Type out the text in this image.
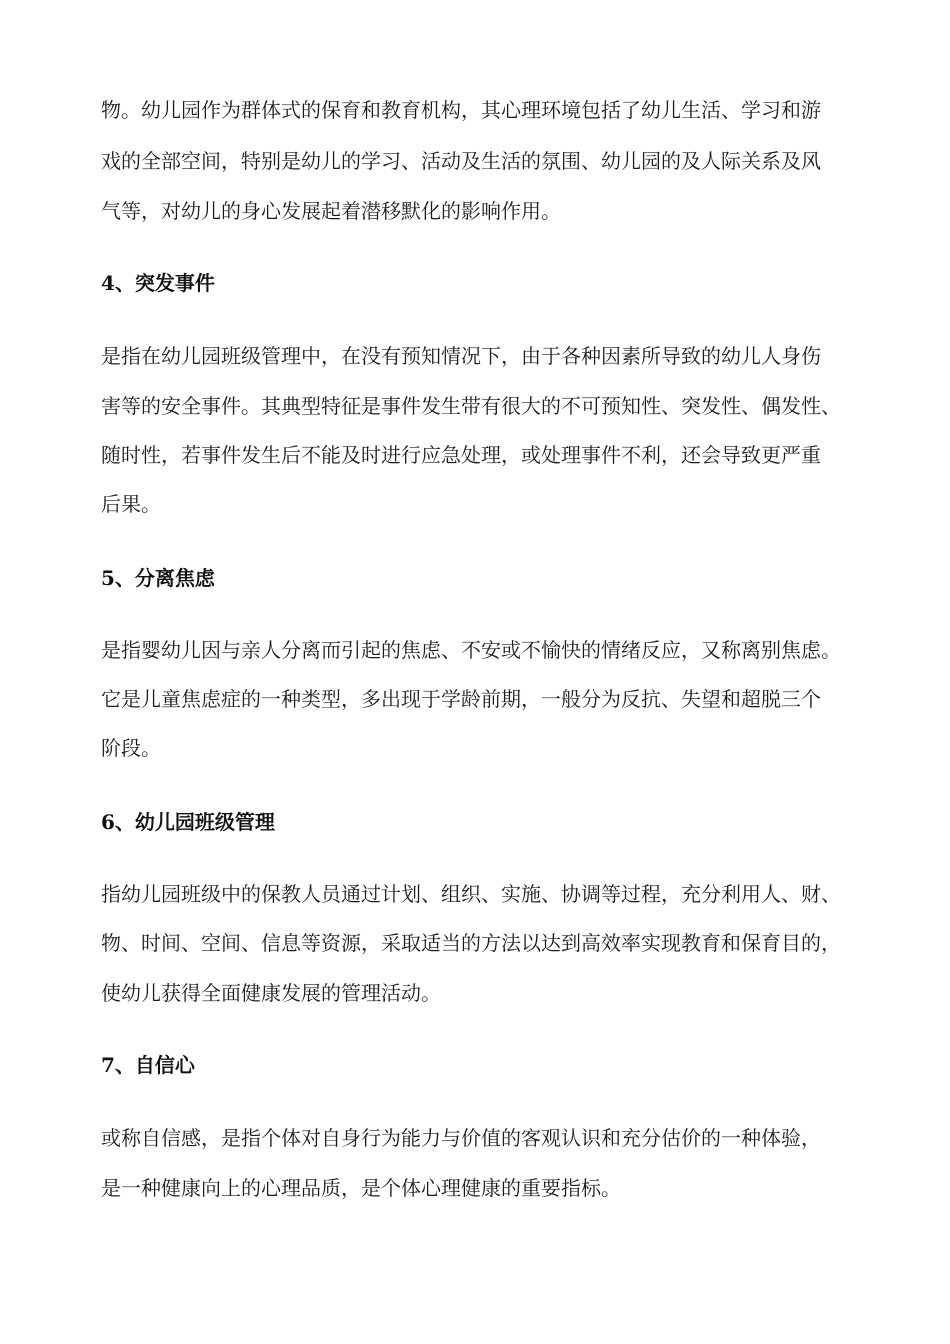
物。幼儿园作为群体式的保育和教育机构，其心理环境包括了幼儿生活、学习和游
戏的全部空间，特别是幼儿的学习、活动及生活的氛围、幼儿园的及人际关系及风
气等，对幼儿的身心发展起着潜移默化的影响作用。
4、突发事件
是指在幼儿园班级管理中，在没有预知情况下，由于各种因素所导致的幼儿人身伤
害等的安全事件。其典型特征是事件发生带有很大的不可预知性、突发性、偶发性、
随时性，若事件发生后不能及时进行应急处理，或处理事件不利，还会导致更严重
后果。
5、分离焦虑
是指婴幼儿因与亲人分离而引起的焦虑、不安或不愉快的情绪反应，又称离别焦虑。
它是儿童焦虑症的一种类型，多出现于学龄前期，一般分为反抗、失望和超脱三个
阶段。
6、幼儿园班级管理
指幼儿园班级中的保教人员通过计划、组织、实施、协调等过程，充分利用人、财、
物、时间、空间、信息等资源，采取适当的方法以达到高效率实现教育和保育目的，
使幼儿获得全面健康发展的管理活动。
7、自信心
或称自信感，是指个体对自身行为能力与价值的客观认识和充分估价的一种体验，
是一种健康向上的心理品质，是个体心理健康的重要指标。
